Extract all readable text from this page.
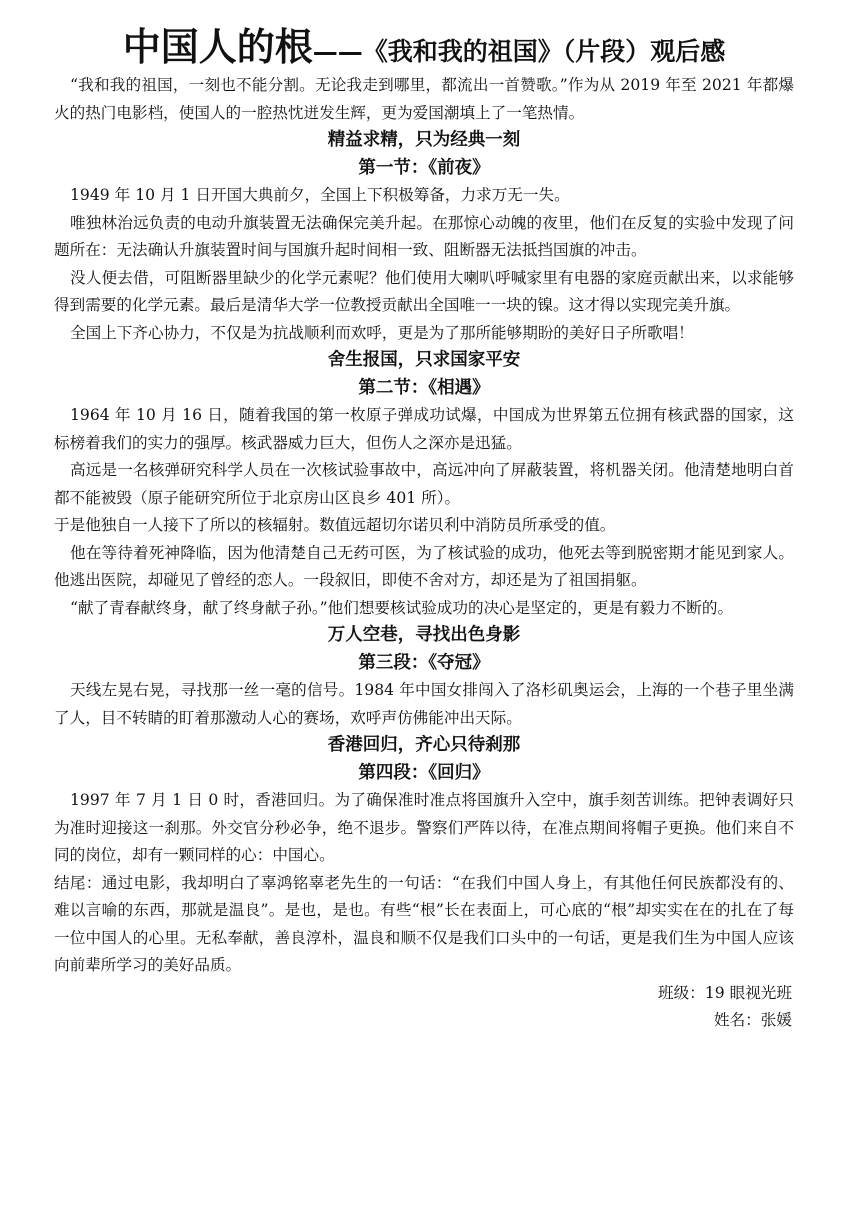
中国人的根——《我和我的祖国》（片段）观后感

“我和我的祖国，一刻也不能分割。无论我走到哪里，都流出一首赞歌。”作为从 2019 年至 2021 年都爆火的热门电影档，使国人的一腔热忱迸发生辉，更为爱国潮填上了一笔热情。

精益求精，只为经典一刻
第一节：《前夜》

1949 年 10 月 1 日开国大典前夕，全国上下积极筹备，力求万无一失。

唯独林治远负责的电动升旗装置无法确保完美升起。在那惊心动魄的夜里，他们在反复的实验中发现了问题所在：无法确认升旗装置时间与国旗升起时间相一致、阻断器无法抵挡国旗的冲击。

没人便去借，可阻断器里缺少的化学元素呢？他们使用大喇叭呼喊家里有电器的家庭贡献出来，以求能够得到需要的化学元素。最后是清华大学一位教授贡献出全国唯一一块的镍。这才得以实现完美升旗。

全国上下齐心协力，不仅是为抗战顺利而欢呼，更是为了那所能够期盼的美好日子所歌唱！

舍生报国，只求国家平安
第二节：《相遇》

1964 年 10 月 16 日，随着我国的第一枚原子弹成功试爆，中国成为世界第五位拥有核武器的国家，这标榜着我们的实力的强厚。核武器威力巨大，但伤人之深亦是迅猛。

高远是一名核弹研究科学人员在一次核试验事故中，高远冲向了屏蔽装置，将机器关闭。他清楚地明白首都不能被毁（原子能研究所位于北京房山区良乡 401 所）。

于是他独自一人接下了所以的核辐射。数值远超切尔诺贝利中消防员所承受的值。

他在等待着死神降临，因为他清楚自己无药可医，为了核试验的成功，他死去等到脱密期才能见到家人。他逃出医院，却碰见了曾经的恋人。一段叙旧，即使不舍对方，却还是为了祖国捐躯。

“献了青春献终身，献了终身献子孙。”他们想要核试验成功的决心是坚定的，更是有毅力不断的。

万人空巷，寻找出色身影
第三段：《夺冠》

天线左晃右晃，寻找那一丝一毫的信号。1984 年中国女排闯入了洛杉矶奥运会，上海的一个巷子里坐满了人，目不转睛的盯着那激动人心的赛场，欢呼声仿佛能冲出天际。

香港回归，齐心只待刹那
第四段：《回归》

1997 年 7 月 1 日 0 时，香港回归。为了确保准时准点将国旗升入空中，旗手刻苦训练。把钟表调好只为准时迎接这一刹那。外交官分秒必争，绝不退步。警察们严阵以待，在准点期间将帽子更换。他们来自不同的岗位，却有一颗同样的心：中国心。

结尾：通过电影，我却明白了辜鸿铭辜老先生的一句话：“在我们中国人身上，有其他任何民族都没有的、难以言喻的东西，那就是温良”。是也，是也。有些“根”长在表面上，可心底的“根”却实实在在的扎在了每一位中国人的心里。无私奉献，善良淳朴，温良和顺不仅是我们口头中的一句话，更是我们生为中国人应该向前辈所学习的美好品质。

班级：19 眼视光班
姓名：张媛
